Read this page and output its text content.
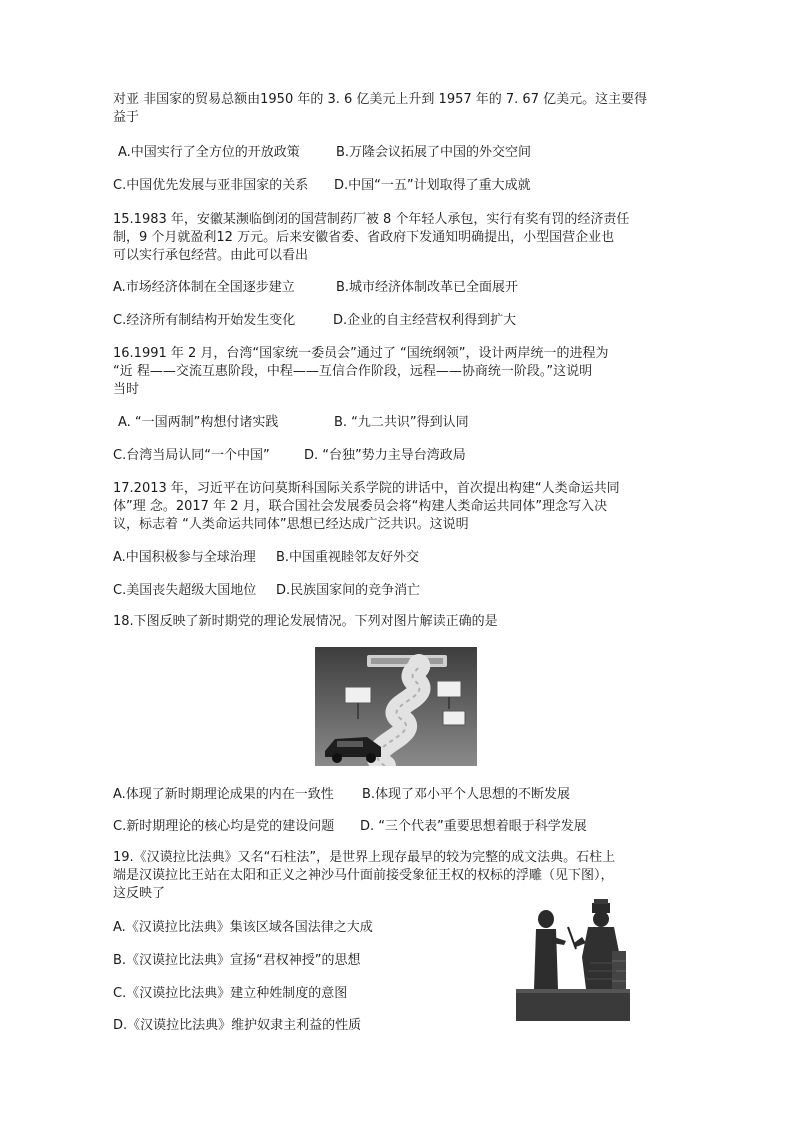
对亚 非国家的贸易总额由1950 年的 3. 6 亿美元上升到 1957 年的 7. 67 亿美元。这主要得
益于
A.中国实行了全方位的开放政策	B.万隆会议拓展了中国的外交空间
C.中国优先发展与亚非国家的关系 D.中国“一五”计划取得了重大成就
15.1983 年，安徽某濒临倒闭的国营制药厂被 8 个年轻人承包，实行有奖有罚的经济责任
制，9 个月就盈利12 万元。后来安徽省委、省政府下发通知明确提出，小型国营企业也
可以实行承包经营。由此可以看出
A.市场经济体制在全国逐步建立	B.城市经济体制改革已全面展开
C.经济所有制结构开始发生变化	D.企业的自主经营权利得到扩大
16.1991 年 2 月，台湾“国家统一委员会”通过了 “国统纲领”，设计两岸统一的进程为
“近 程——交流互惠阶段，中程——互信合作阶段，远程——协商统一阶段。”这说明
当时
A. “一国两制”构想付诸实践	B. “九二共识”得到认同
C.台湾当局认同“一个中国”	D. “台独”势力主导台湾政局
17.2013 年，习近平在访问莫斯科国际关系学院的讲话中，首次提出构建“人类命运共同
体”理 念。2017 年 2 月，联合国社会发展委员会将“构建人类命运共同体”理念写入决
议，标志着 “人类命运共同体”思想已经达成广泛共识。这说明
A.中国积极参与全球治理 B.中国重视睦邻友好外交
C.美国丧失超级大国地位 D.民族国家间的竞争消亡
18.下图反映了新时期党的理论发展情况。下列对图片解读正确的是
A.体现了新时期理论成果的内在一致性 B.体现了邓小平个人思想的不断发展
C.新时期理论的核心均是党的建设问题 D. “三个代表”重要思想着眼于科学发展
19.《汉谟拉比法典》又名“石柱法”，是世界上现存最早的较为完整的成文法典。石柱上
端是汉谟拉比王站在太阳和正义之神沙马什面前接受象征王权的权标的浮雕（见下图），
这反映了
A.《汉谟拉比法典》集该区域各国法律之大成
B.《汉谟拉比法典》宣扬“君权神授”的思想
C.《汉谟拉比法典》建立种姓制度的意图
D.《汉谟拉比法典》维护奴隶主利益的性质
